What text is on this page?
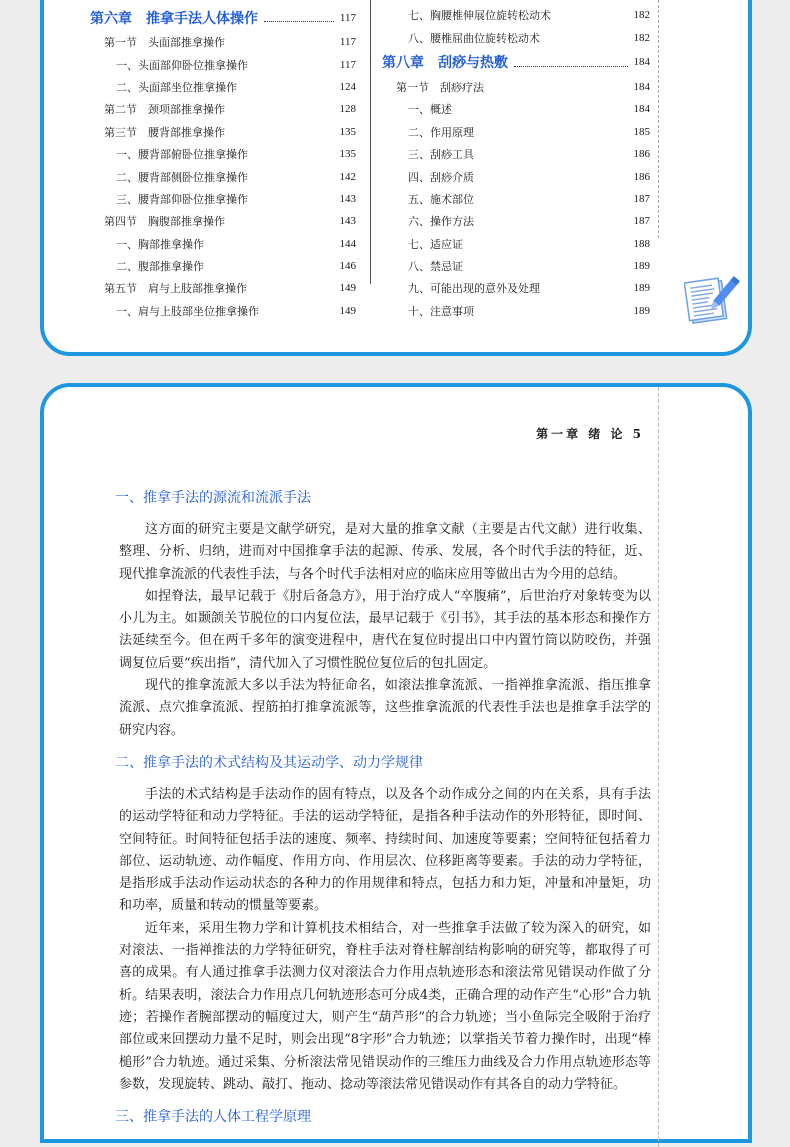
第六章　推拿手法人体操作	117
第一节　头面部推拿操作	117
一、头面部仰卧位推拿操作	117
二、头面部坐位推拿操作	124
第二节　颈项部推拿操作	128
第三节　腰背部推拿操作	135
一、腰背部俯卧位推拿操作	135
二、腰背部侧卧位推拿操作	142
三、腰背部仰卧位推拿操作	143
第四节　胸腹部推拿操作	143
一、胸部推拿操作	144
二、腹部推拿操作	146
第五节　肩与上肢部推拿操作	149
一、肩与上肢部坐位推拿操作	149
七、胸腰椎伸展位旋转松动术	182
八、腰椎屈曲位旋转松动术	182
第八章　刮痧与热敷	184
第一节　刮痧疗法	184
一、概述	184
二、作用原理	185
三、刮痧工具	186
四、刮痧介质	186
五、施术部位	187
六、操作方法	187
七、适应证	188
八、禁忌证	189
九、可能出现的意外及处理	189
十、注意事项	189
第一章 绪 论 5
一、推拿手法的源流和流派手法

这方面的研究主要是文献学研究，是对大量的推拿文献（主要是古代文献）进行收集、整理、分析、归纳，进而对中国推拿手法的起源、传承、发展，各个时代手法的特征，近、现代推拿流派的代表性手法，与各个时代手法相对应的临床应用等做出古为今用的总结。

如捏脊法，最早记载于《肘后备急方》，用于治疗成人“卒腹痛”，后世治疗对象转变为以小儿为主。如颞颌关节脱位的口内复位法，最早记载于《引书》，其手法的基本形态和操作方法延续至今。但在两千多年的演变进程中，唐代在复位时提出口中内置竹筒以防咬伤，并强调复位后要“疾出指”，清代加入了习惯性脱位复位后的包扎固定。

现代的推拿流派大多以手法为特征命名，如滚法推拿流派、一指禅推拿流派、指压推拿流派、点穴推拿流派、捏筋拍打推拿流派等，这些推拿流派的代表性手法也是推拿手法学的研究内容。

二、推拿手法的术式结构及其运动学、动力学规律

手法的术式结构是手法动作的固有特点，以及各个动作成分之间的内在关系，具有手法的运动学特征和动力学特征。手法的运动学特征，是指各种手法动作的外形特征，即时间、空间特征。时间特征包括手法的速度、频率、持续时间、加速度等要素；空间特征包括着力部位、运动轨迹、动作幅度、作用方向、作用层次、位移距离等要素。手法的动力学特征，是指形成手法动作运动状态的各种力的作用规律和特点，包括力和力矩，冲量和冲量矩，功和功率，质量和转动的惯量等要素。

近年来，采用生物力学和计算机技术相结合，对一些推拿手法做了较为深入的研究，如对滚法、一指禅推法的力学特征研究，脊柱手法对脊柱解剖结构影响的研究等，都取得了可喜的成果。有人通过推拿手法测力仪对滚法合力作用点轨迹形态和滚法常见错误动作做了分析。结果表明，滚法合力作用点几何轨迹形态可分成4类，正确合理的动作产生“心形”合力轨迹；若操作者腕部摆动的幅度过大，则产生“葫芦形”的合力轨迹；当小鱼际完全吸附于治疗部位或来回摆动力量不足时，则会出现“8字形”合力轨迹；以掌指关节着力操作时，出现“棒槌形”合力轨迹。通过采集、分析滚法常见错误动作的三维压力曲线及合力作用点轨迹形态等参数，发现旋转、跳动、敲打、拖动、捻动等滚法常见错误动作有其各自的动力学特征。

三、推拿手法的人体工程学原理
